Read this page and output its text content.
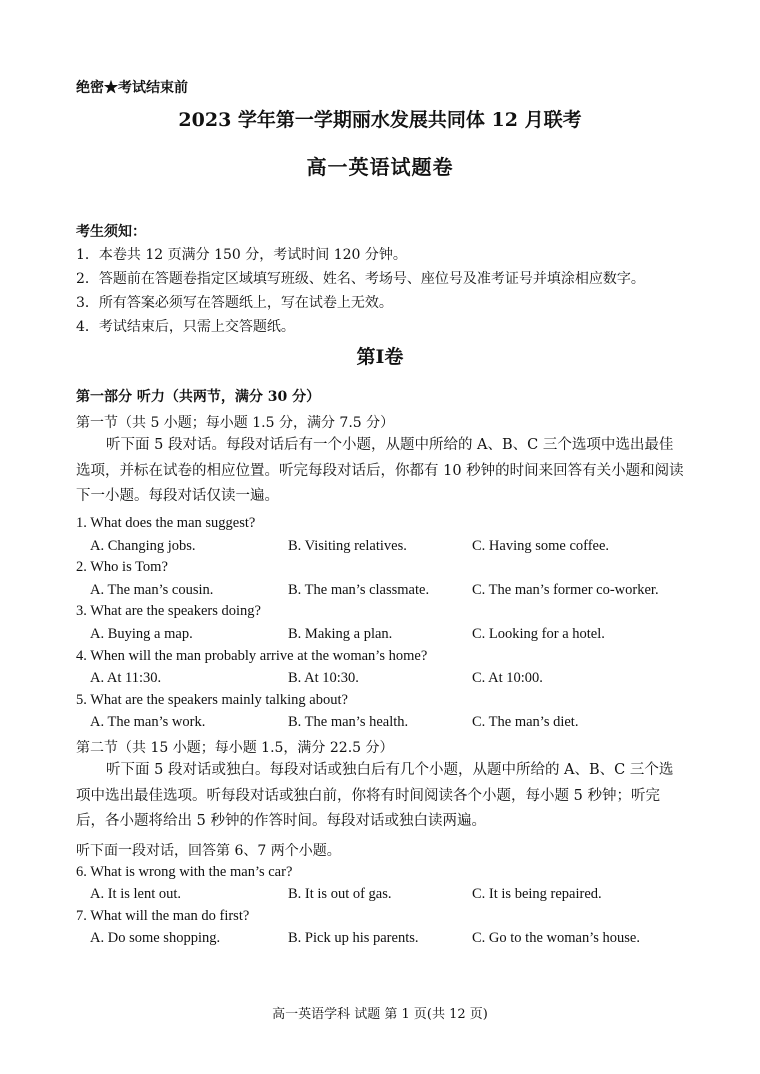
绝密★考试结束前
2023 学年第一学期丽水发展共同体 12 月联考
高一英语试题卷
考生须知：
1．本卷共 12 页满分 150 分，考试时间 120 分钟。
2．答题前在答题卷指定区域填写班级、姓名、考场号、座位号及准考证号并填涂相应数字。
3．所有答案必须写在答题纸上，写在试卷上无效。
4．考试结束后，只需上交答题纸。
第Ⅰ卷
第一部分 听力（共两节，满分 30 分）
第一节（共 5 小题；每小题 1.5 分，满分 7.5 分）
听下面 5 段对话。每段对话后有一个小题，从题中所给的 A、B、C 三个选项中选出最佳选项，并标在试卷的相应位置。听完每段对话后，你都有 10 秒钟的时间来回答有关小题和阅读下一小题。每段对话仅读一遍。
1. What does the man suggest?
A. Changing jobs.	B. Visiting relatives.	C. Having some coffee.
2. Who is Tom?
A. The man’s cousin.	B. The man’s classmate.	C. The man’s former co-worker.
3. What are the speakers doing?
A. Buying a map.	B. Making a plan.	C. Looking for a hotel.
4. When will the man probably arrive at the woman’s home?
A. At 11:30.	B. At 10:30.	C. At 10:00.
5. What are the speakers mainly talking about?
A. The man’s work.	B. The man’s health.	C. The man’s diet.
第二节（共 15 小题；每小题 1.5，满分 22.5 分）
听下面 5 段对话或独白。每段对话或独白后有几个小题，从题中所给的 A、B、C 三个选项中选出最佳选项。听每段对话或独白前，你将有时间阅读各个小题，每小题 5 秒钟；听完后，各小题将给出 5 秒钟的作答时间。每段对话或独白读两遍。
听下面一段对话，回答第 6、7 两个小题。
6. What is wrong with the man’s car?
A. It is lent out.	B. It is out of gas.	C. It is being repaired.
7. What will the man do first?
A. Do some shopping.	B. Pick up his parents.	C. Go to the woman’s house.
高一英语学科 试题 第 1 页(共 12 页)
